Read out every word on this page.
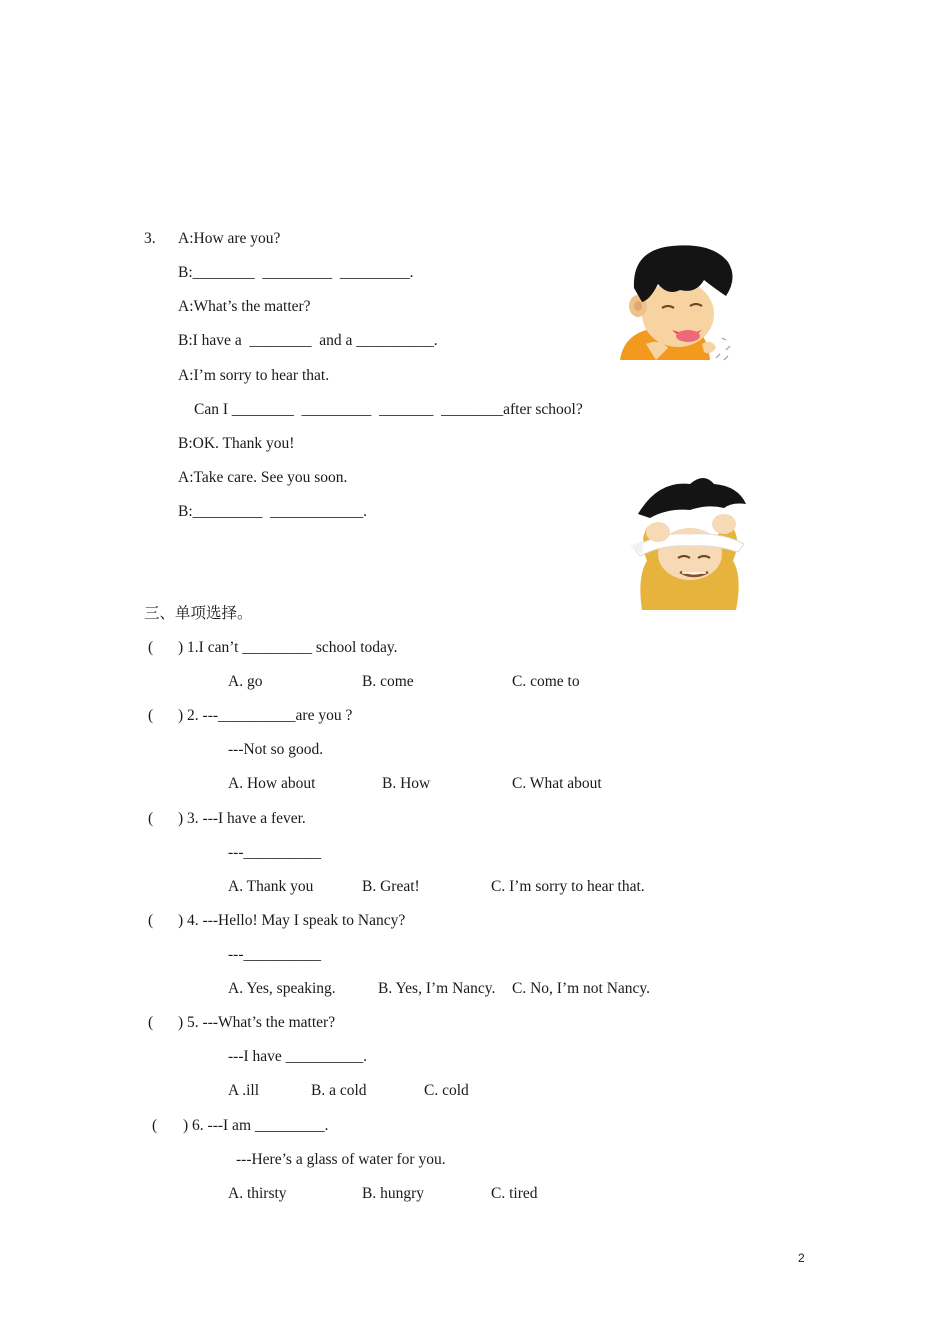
3. A:How are you?
B:________  _________  _________.
A:What’s the matter?
B:I have a  ________  and a __________.
A:I’m sorry to hear that.
Can I ________  _________  _______  ________after school?
B:OK. Thank you!
A:Take care. See you soon.
B:_________  ____________.
三、单项选择。
( ) 1.I can’t _________ school today.
A. go	B. come	C. come to
( ) 2. ---__________are you ?
---Not so good.
A. How about	B. How	C. What about
( ) 3. ---I have a fever.
---__________
A. Thank you	B. Great!	C. I’m sorry to hear that.
( ) 4. ---Hello! May I speak to Nancy?
---__________
A. Yes, speaking.	B. Yes, I’m Nancy. C. No, I’m not Nancy.
( ) 5. ---What’s the matter?
---I have __________.
A .ill	B. a cold	C. cold
( ) 6. ---I am _________.
---Here’s a glass of water for you.
A. thirsty	B. hungry	C. tired
2
